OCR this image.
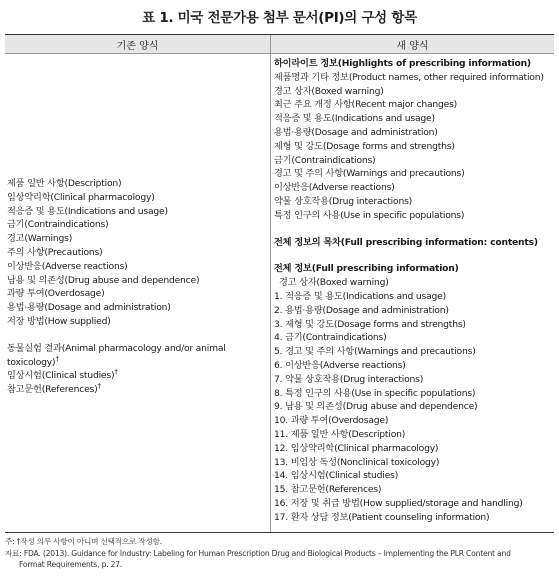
표 1. 미국 전문가용 첨부 문서(PI)의 구성 항목
기존 양식	새 양식
제품 일반 사항(Description)
임상약리학(Clinical pharmacology)
적응증 및 용도(Indications and usage)
금기(Contraindications)
경고(Warnings)
주의 사항(Precautions)
이상반응(Adverse reactions)
남용 및 의존성(Drug abuse and dependence)
과량 투여(Overdosage)
용법·용량(Dosage and administration)
저장 방법(How supplied)
동물실험 결과(Animal pharmacology and/or animal
toxicology)†
임상시험(Clinical studies)†
참고문헌(References)†
하이라이트 정보(Highlights of prescribing information)
제품명과 기타 정보(Product names, other required information)
경고 상자(Boxed warning)
최근 주요 개정 사항(Recent major changes)
적응증 및 용도(Indications and usage)
용법·용량(Dosage and administration)
제형 및 강도(Dosage forms and strengths)
금기(Contraindications)
경고 및 주의 사항(Warnings and precautions)
이상반응(Adverse reactions)
약물 상호작용(Drug interactions)
특정 인구의 사용(Use in specific populations)
전체 정보의 목차(Full prescribing information: contents)
전체 정보(Full prescribing information)
경고 상자(Boxed warning)
1. 적응증 및 용도(Indications and usage)
2. 용법·용량(Dosage and administration)
3. 제형 및 강도(Dosage forms and strengths)
4. 금기(Contraindications)
5. 경고 및 주의 사항(Warnings and precautions)
6. 이상반응(Adverse reactions)
7. 약물 상호작용(Drug interactions)
8. 특정 인구의 사용(Use in specific populations)
9. 남용 및 의존성(Drug abuse and dependence)
10. 과량 투여(Overdosage)
11. 제품 일반 사항(Description)
12. 임상약리학(Clinical pharmacology)
13. 비임상 독성(Nonclinical toxicology)
14. 임상시험(Clinical studies)
15. 참고문헌(References)
16. 저장 및 취급 방법(How supplied/storage and handling)
17. 환자 상담 정보(Patient counseling information)
주: †작성 의무 사항이 아니며 선택적으로 작성함.
자료: FDA. (2013). Guidance for Industry: Labeling for Human Prescription Drug and Biological Products – Implementing the PLR Content and
Format Requirements, p. 27.
